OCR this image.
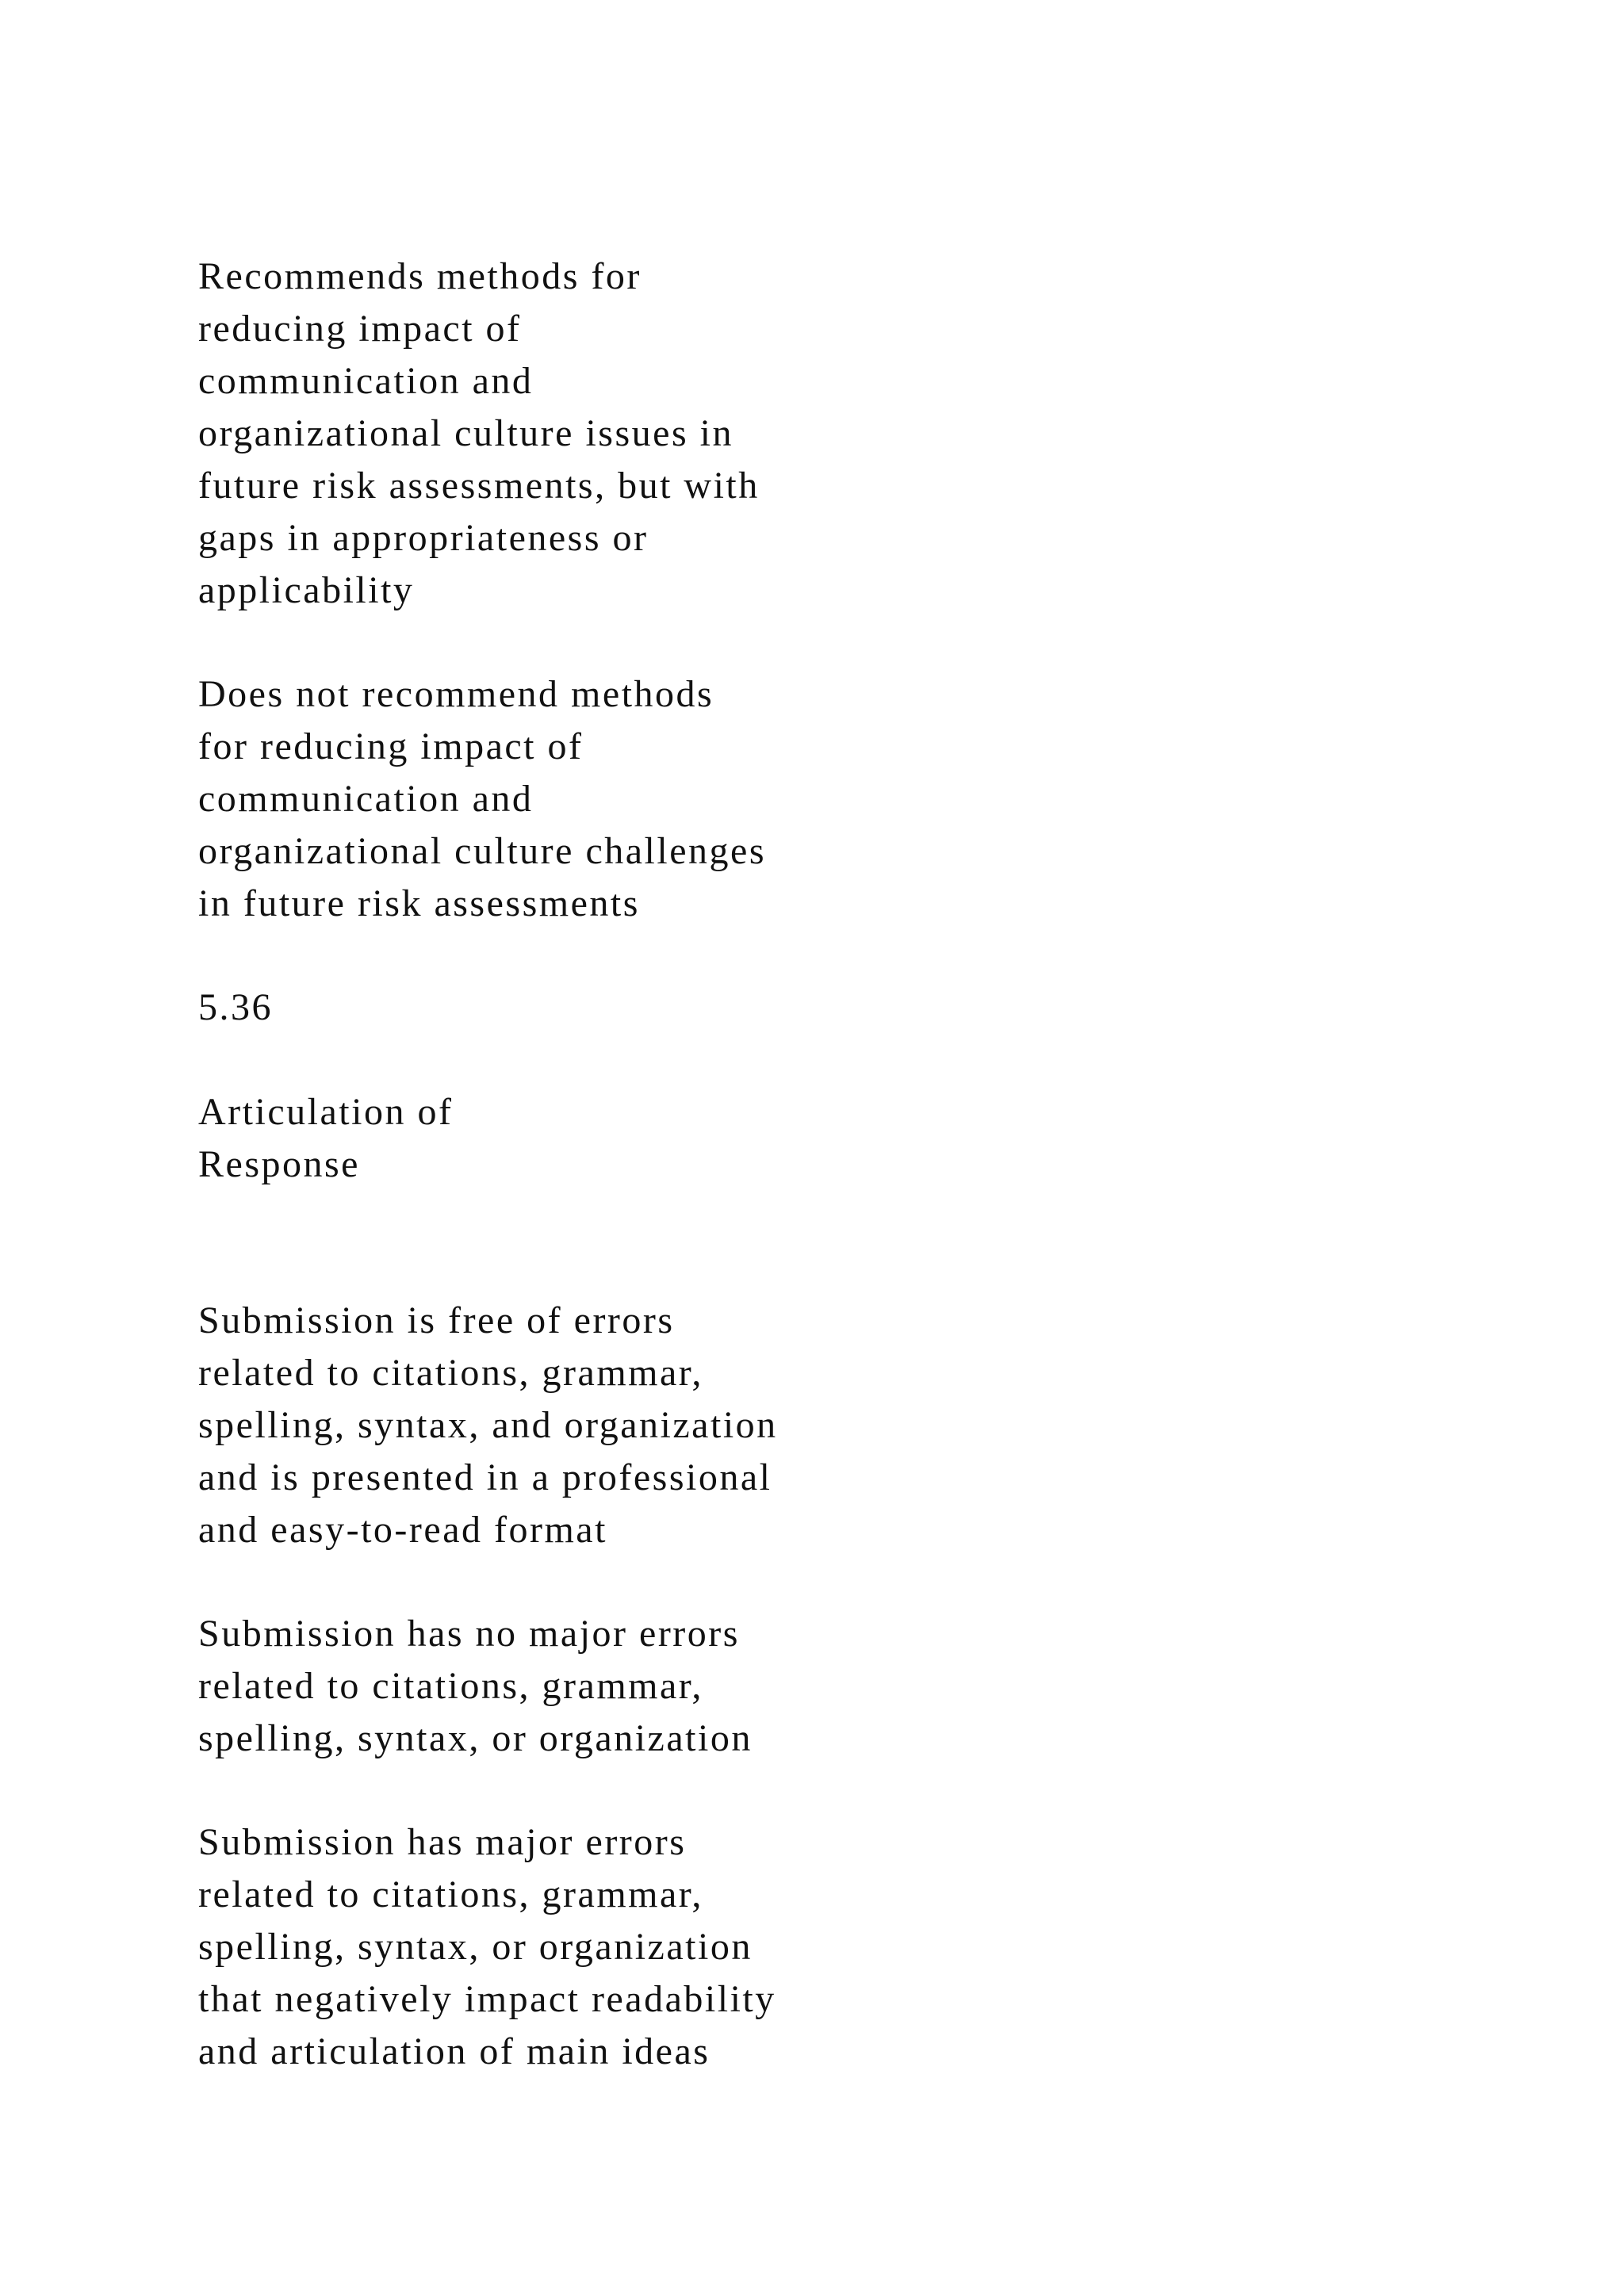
Recommends methods for
reducing impact of
communication and
organizational culture issues in
future risk assessments, but with
gaps in appropriateness or
applicability

Does not recommend methods
for reducing impact of
communication and
organizational culture challenges
in future risk assessments

5.36

Articulation of
Response

Submission is free of errors
related to citations, grammar,
spelling, syntax, and organization
and is presented in a professional
and easy-to-read format

Submission has no major errors
related to citations, grammar,
spelling, syntax, or organization

Submission has major errors
related to citations, grammar,
spelling, syntax, or organization
that negatively impact readability
and articulation of main ideas
